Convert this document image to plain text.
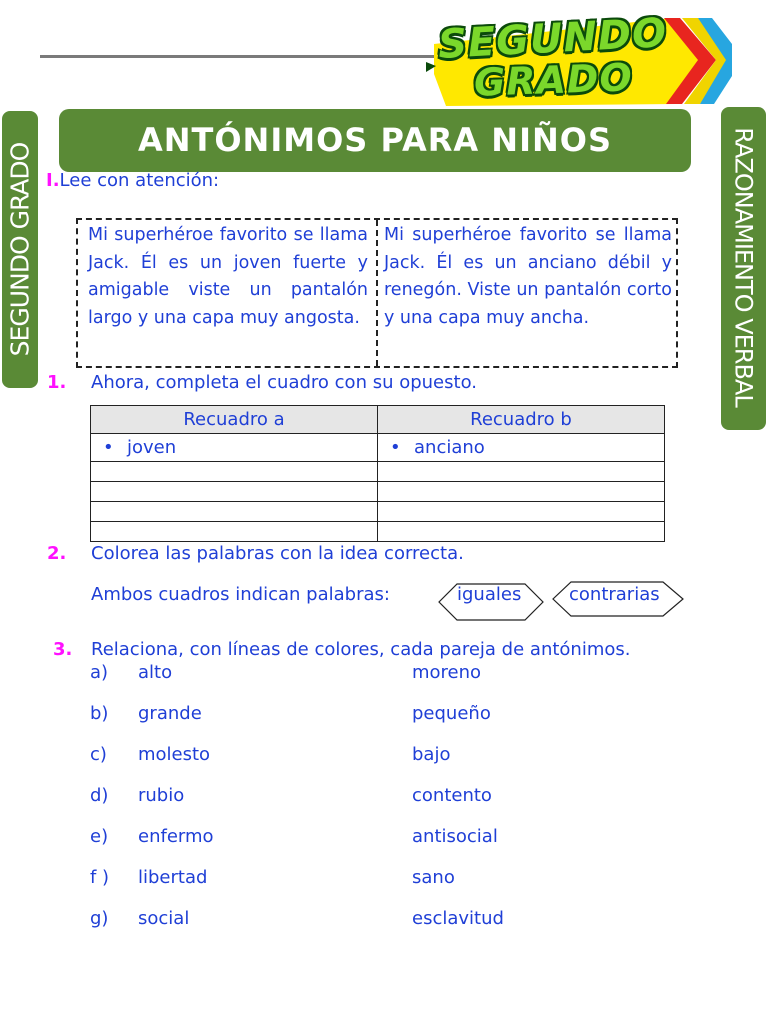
SEGUNDO
GRADO
SEGUNDO GRADO	RAZONAMIENTO VERBAL
ANTÓNIMOS PARA NIÑOS
I.Lee con atención:
Mi superhéroe favorito se llama Jack. Él es un joven fuerte y amigable viste un pantalón largo y una capa muy angosta.
Mi superhéroe favorito se llama Jack. Él es un anciano débil y renegón. Viste un pantalón corto y una capa muy ancha.
1. Ahora, completa el cuadro con su opuesto.
Recuadro a	Recuadro b
• joven	• anciano

2. Colorea las palabras con la idea correcta.
Ambos cuadros indican palabras:	iguales	contrarias
3. Relaciona, con líneas de colores, cada pareja de antónimos.
a) alto	moreno
b) grande	pequeño
c) molesto	bajo
d) rubio	contento
e) enfermo	antisocial
f ) libertad	sano
g) social	esclavitud
